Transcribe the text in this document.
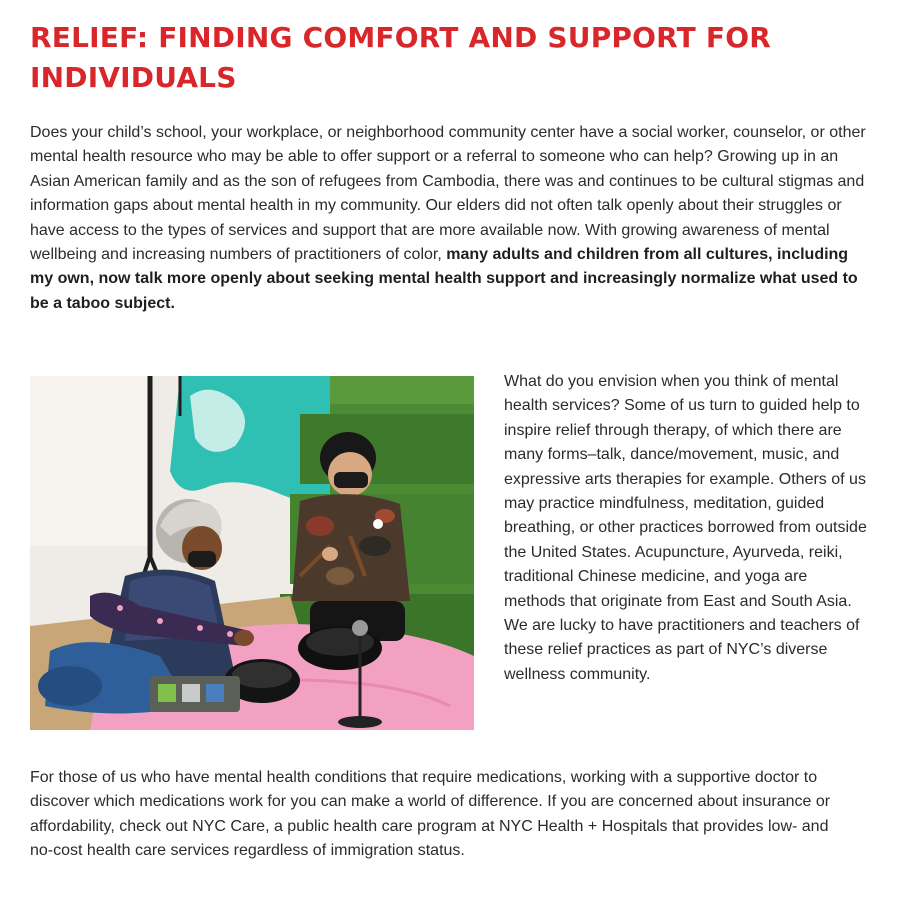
RELIEF: FINDING COMFORT AND SUPPORT FOR INDIVIDUALS

Does your child’s school, your workplace, or neighborhood community center have a social worker, counselor, or other mental health resource who may be able to offer support or a referral to someone who can help? Growing up in an Asian American family and as the son of refugees from Cambodia, there was and continues to be cultural stigmas and information gaps about mental health in my community. Our elders did not often talk openly about their struggles or have access to the types of services and support that are more available now. With growing awareness of mental wellbeing and increasing numbers of practitioners of color, many adults and children from all cultures, including my own, now talk more openly about seeking mental health support and increasingly normalize what used to be a taboo subject.

What do you envision when you think of mental health services? Some of us turn to guided help to inspire relief through therapy, of which there are many forms–talk, dance/movement, music, and expressive arts therapies for example. Others of us may practice mindfulness, meditation, guided breathing, or other practices borrowed from outside the United States. Acupuncture, Ayurveda, reiki, traditional Chinese medicine, and yoga are methods that originate from East and South Asia. We are lucky to have practitioners and teachers of these relief practices as part of NYC’s diverse wellness community.

For those of us who have mental health conditions that require medications, working with a supportive doctor to discover which medications work for you can make a world of difference. If you are concerned about insurance or affordability, check out NYC Care, a public health care program at NYC Health + Hospitals that provides low- and no-cost health care services regardless of immigration status.
